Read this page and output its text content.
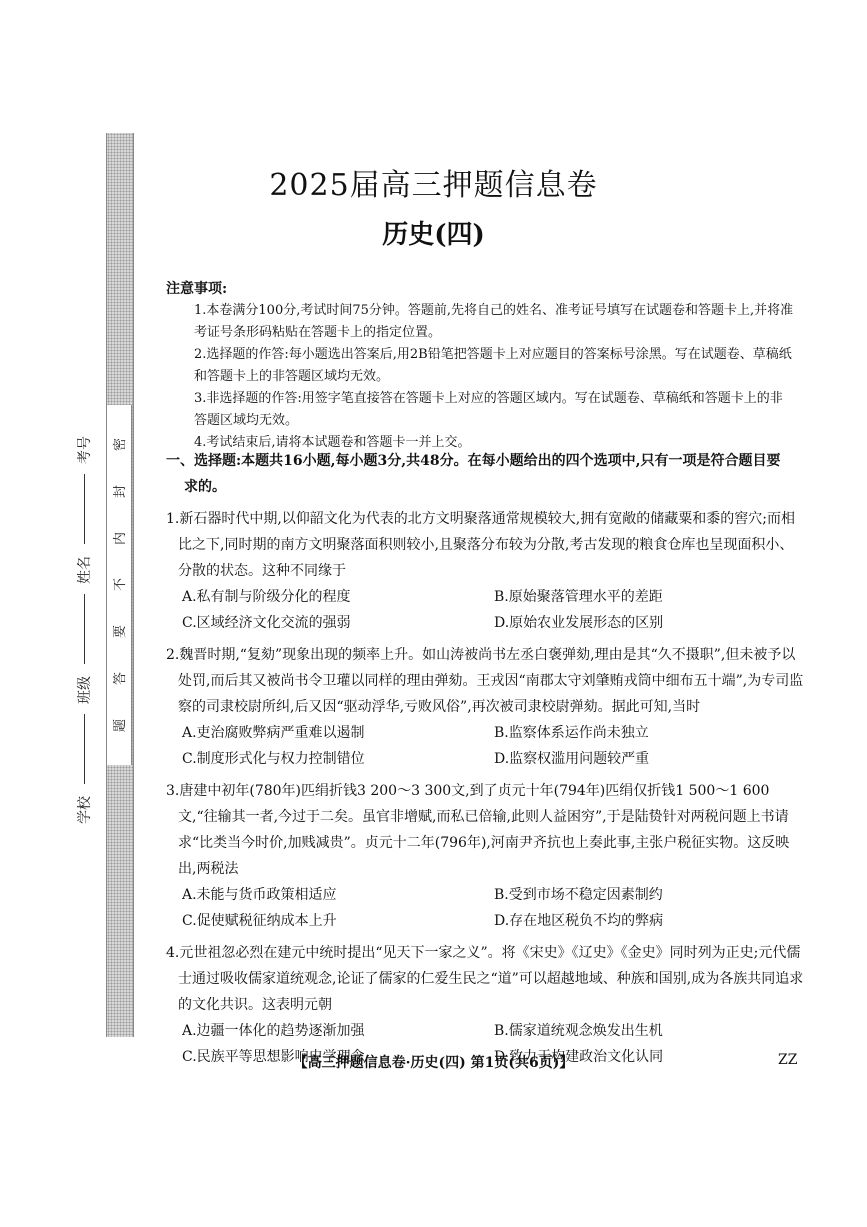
密
封
内
不
要
答
题
考号
姓名
班级
学校
2025届高三押题信息卷
历史(四)
注意事项:

1.本卷满分100分,考试时间75分钟。答题前,先将自己的姓名、准考证号填写在试题卷和答题卡上,并将准考证号条形码粘贴在答题卡上的指定位置。

2.选择题的作答:每小题选出答案后,用2B铅笔把答题卡上对应题目的答案标号涂黑。写在试题卷、草稿纸和答题卡上的非答题区域均无效。

3.非选择题的作答:用签字笔直接答在答题卡上对应的答题区域内。写在试题卷、草稿纸和答题卡上的非答题区域均无效。

4.考试结束后,请将本试题卷和答题卡一并上交。

一、选择题:本题共16小题,每小题3分,共48分。在每小题给出的四个选项中,只有一项是符合题目要
求的。

1.新石器时代中期,以仰韶文化为代表的北方文明聚落通常规模较大,拥有宽敞的储藏粟和黍的窖穴;而相比之下,同时期的南方文明聚落面积则较小,且聚落分布较为分散,考古发现的粮食仓库也呈现面积小、分散的状态。这种不同缘于
A.私有制与阶级分化的程度	B.原始聚落管理水平的差距
C.区域经济文化交流的强弱	D.原始农业发展形态的区别
2.魏晋时期,“复劾”现象出现的频率上升。如山涛被尚书左丞白褒弹劾,理由是其“久不摄职”,但未被予以处罚,而后其又被尚书令卫瓘以同样的理由弹劾。王戎因“南郡太守刘肇贿戎筒中细布五十端”,为专司监察的司隶校尉所纠,后又因“驱动浮华,亏败风俗”,再次被司隶校尉弹劾。据此可知,当时
A.吏治腐败弊病严重难以遏制	B.监察体系运作尚未独立
C.制度形式化与权力控制错位	D.监察权滥用问题较严重
3.唐建中初年(780年)匹绢折钱3 200～3 300文,到了贞元十年(794年)匹绢仅折钱1 500～1 600文,“往输其一者,今过于二矣。虽官非增赋,而私已倍输,此则人益困穷”,于是陆贽针对两税问题上书请求“比类当今时价,加贱减贵”。贞元十二年(796年),河南尹齐抗也上奏此事,主张户税征实物。这反映出,两税法
A.未能与货币政策相适应	B.受到市场不稳定因素制约
C.促使赋税征纳成本上升	D.存在地区税负不均的弊病
4.元世祖忽必烈在建元中统时提出“见天下一家之义”。将《宋史》《辽史》《金史》同时列为正史;元代儒士通过吸收儒家道统观念,论证了儒家的仁爱生民之“道”可以超越地域、种族和国别,成为各族共同追求的文化共识。这表明元朝
A.边疆一体化的趋势逐渐加强	B.儒家道统观念焕发出生机
C.民族平等思想影响史学理念	D.致力于构建政治文化认同
【高三押题信息卷·历史(四) 第1页(共6页)】	ZZ
